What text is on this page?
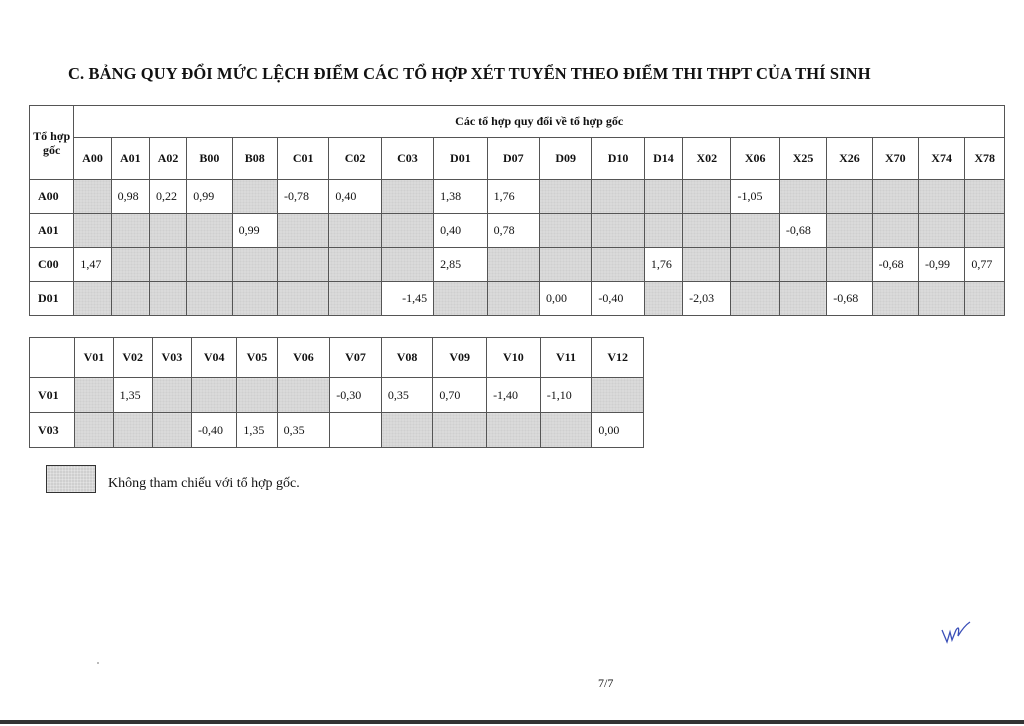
C. BẢNG QUY ĐỔI MỨC LỆCH ĐIỂM CÁC TỔ HỢP XÉT TUYỂN THEO ĐIỂM THI THPT CỦA THÍ SINH
Tổ hợp gốc	Các tổ hợp quy đổi về tổ hợp gốc																			
	A00	A01	A02	B00	B08	C01	C02	C03	D01	D07	D09	D10	D14	X02	X06	X25	X26	X70	X74	X78
A00		0,98	0,22	0,99		-0,78	0,40		1,38	1,76					-1,05					
A01					0,99				0,40	0,78						-0,68				
C00	1,47								2,85				1,76					-0,68	-0,99	0,77
D01								-1,45			0,00	-0,40		-2,03			-0,68			
	V01	V02	V03	V04	V05	V06	V07	V08	V09	V10	V11	V12
V01		1,35					-0,30	0,35	0,70	-1,40	-1,10	
V03				-0,40	1,35	0,35						0,00
Không tham chiếu với tổ hợp gốc.
7/7
